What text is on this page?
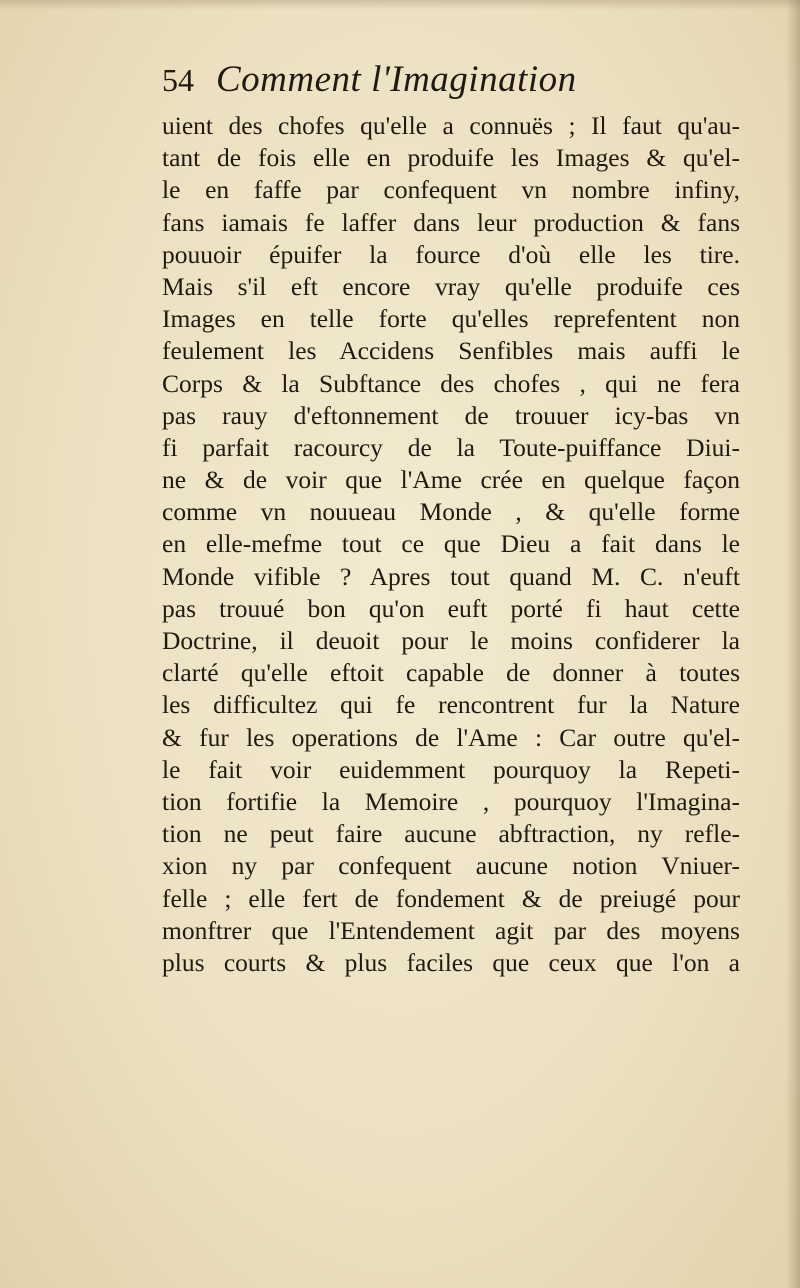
54 Comment l'Imagination
uient des chofes qu'elle a connuës ; Il faut qu'au-
tant de fois elle en produife les Images & qu'el-
le en faffe par confequent vn nombre infiny,
fans iamais fe laffer dans leur production & fans
pouuoir épuifer la fource d'où elle les tire.
Mais s'il eft encore vray qu'elle produife ces
Images en telle forte qu'elles reprefentent non
feulement les Accidens Senfibles mais auffi le
Corps & la Subftance des chofes , qui ne fera
pas rauy d'eftonnement de trouuer icy-bas vn
fi parfait racourcy de la Toute-puiffance Diui-
ne & de voir que l'Ame crée en quelque façon
comme vn nouueau Monde , & qu'elle forme
en elle-mefme tout ce que Dieu a fait dans le
Monde vifible ? Apres tout quand M. C. n'euft
pas trouué bon qu'on euft porté fi haut cette
Doctrine, il deuoit pour le moins confiderer la
clarté qu'elle eftoit capable de donner à toutes
les difficultez qui fe rencontrent fur la Nature
& fur les operations de l'Ame : Car outre qu'el-
le fait voir euidemment pourquoy la Repeti-
tion fortifie la Memoire , pourquoy l'Imagina-
tion ne peut faire aucune abftraction, ny refle-
xion ny par confequent aucune notion Vniuer-
felle ; elle fert de fondement & de preiugé pour
monftrer que l'Entendement agit par des moyens
plus courts & plus faciles que ceux que l'on a
